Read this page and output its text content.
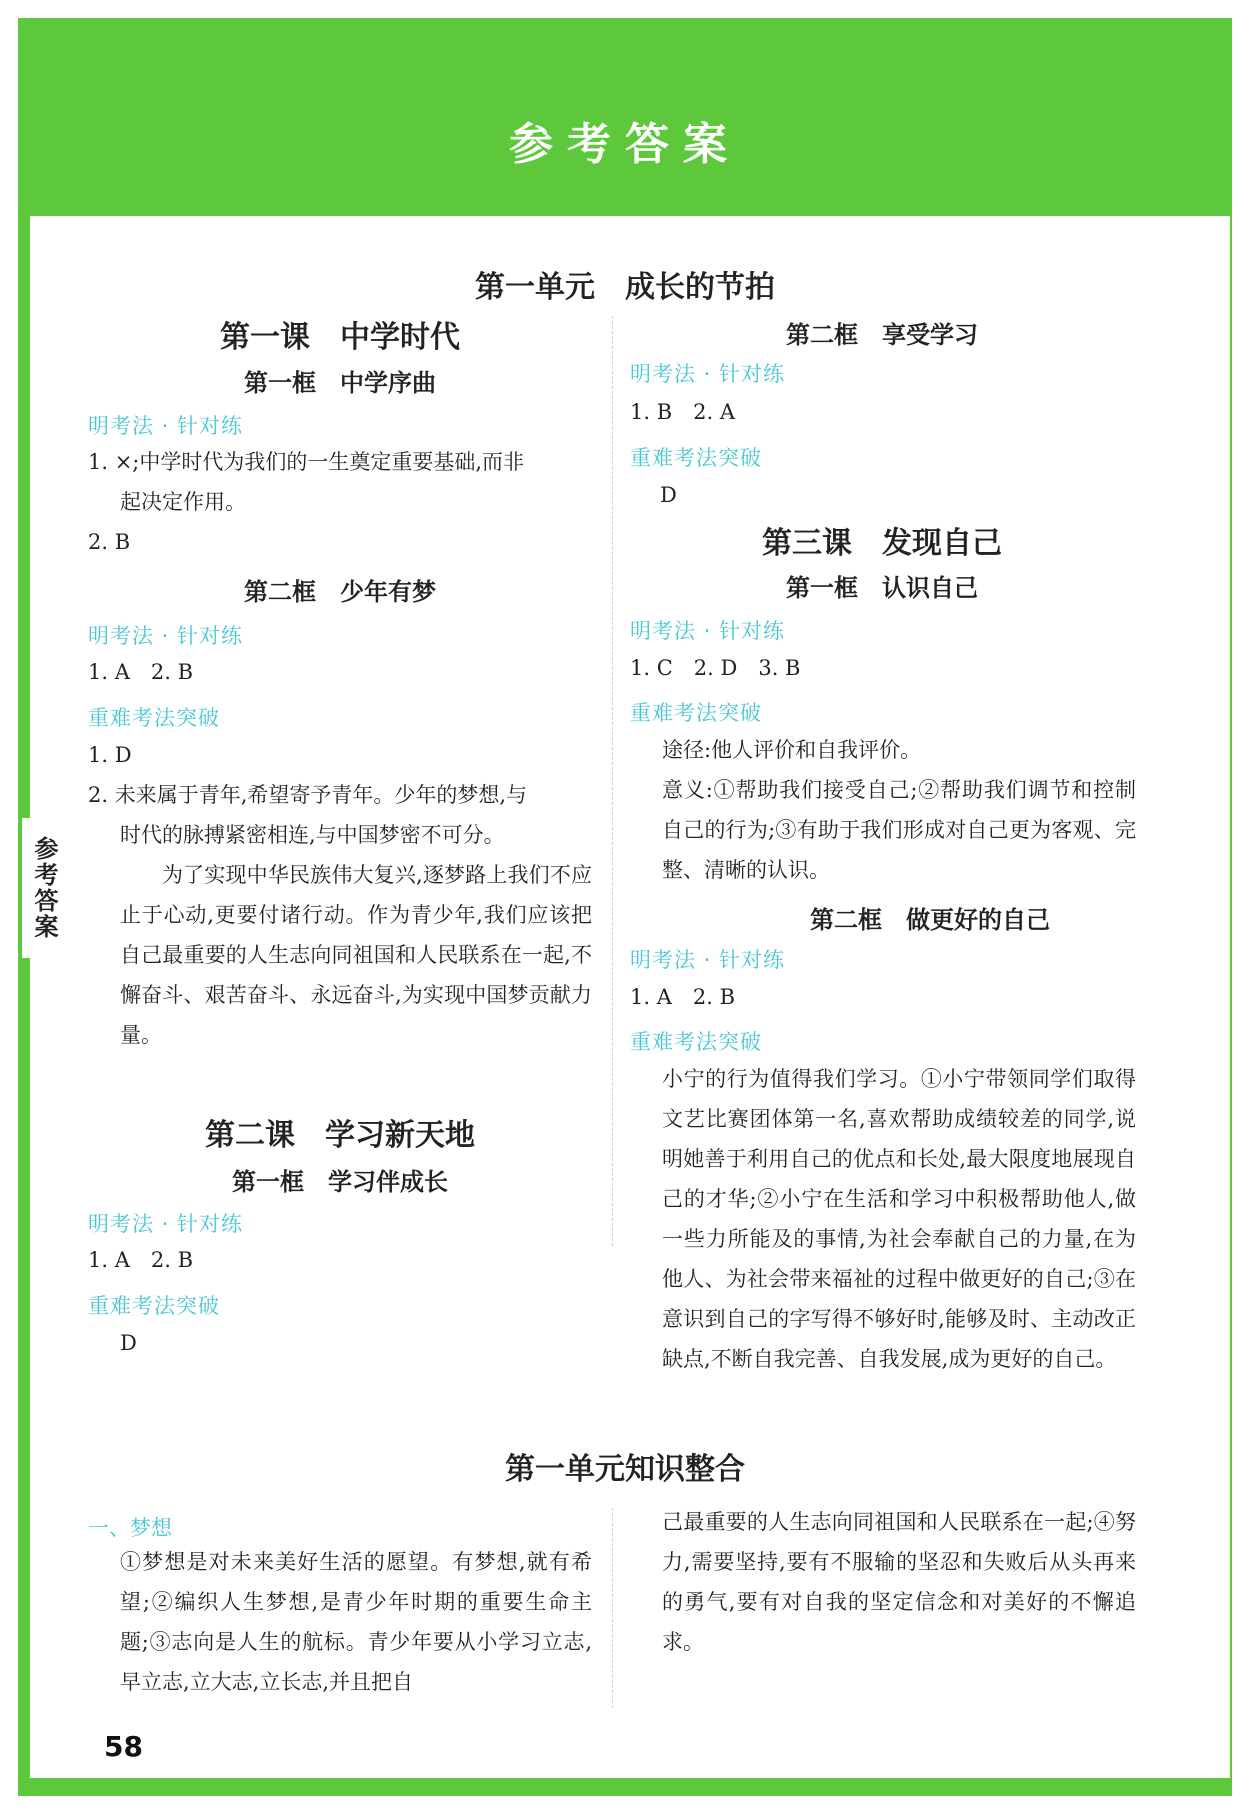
参考答案
参考答案
第一单元　成长的节拍
第一课　中学时代
第一框　中学序曲
明考法 · 针对练
1. ×;中学时代为我们的一生奠定重要基础,而非
起决定作用。
2. B
第二框　少年有梦
明考法 · 针对练
1. A　2. B
重难考法突破
1. D
2. 未来属于青年,希望寄予青年。少年的梦想,与
时代的脉搏紧密相连,与中国梦密不可分。
为了实现中华民族伟大复兴,逐梦路上我们不应止于心动,更要付诸行动。作为青少年,我们应该把自己最重要的人生志向同祖国和人民联系在一起,不懈奋斗、艰苦奋斗、永远奋斗,为实现中国梦贡献力量。
第二课　学习新天地
第一框　学习伴成长
明考法 · 针对练
1. A　2. B
重难考法突破
D
第二框　享受学习
明考法 · 针对练
1. B　2. A
重难考法突破
D
第三课　发现自己
第一框　认识自己
明考法 · 针对练
1. C　2. D　3. B
重难考法突破
途径:他人评价和自我评价。
意义:①帮助我们接受自己;②帮助我们调节和控制自己的行为;③有助于我们形成对自己更为客观、完整、清晰的认识。
第二框　做更好的自己
明考法 · 针对练
1. A　2. B
重难考法突破
小宁的行为值得我们学习。①小宁带领同学们取得文艺比赛团体第一名,喜欢帮助成绩较差的同学,说明她善于利用自己的优点和长处,最大限度地展现自己的才华;②小宁在生活和学习中积极帮助他人,做一些力所能及的事情,为社会奉献自己的力量,在为他人、为社会带来福祉的过程中做更好的自己;③在意识到自己的字写得不够好时,能够及时、主动改正缺点,不断自我完善、自我发展,成为更好的自己。
第一单元知识整合
一、梦想
①梦想是对未来美好生活的愿望。有梦想,就有希望;②编织人生梦想,是青少年时期的重要生命主题;③志向是人生的航标。青少年要从小学习立志,早立志,立大志,立长志,并且把自
己最重要的人生志向同祖国和人民联系在一起;④努力,需要坚持,要有不服输的坚忍和失败后从头再来的勇气,要有对自我的坚定信念和对美好的不懈追求。
58
